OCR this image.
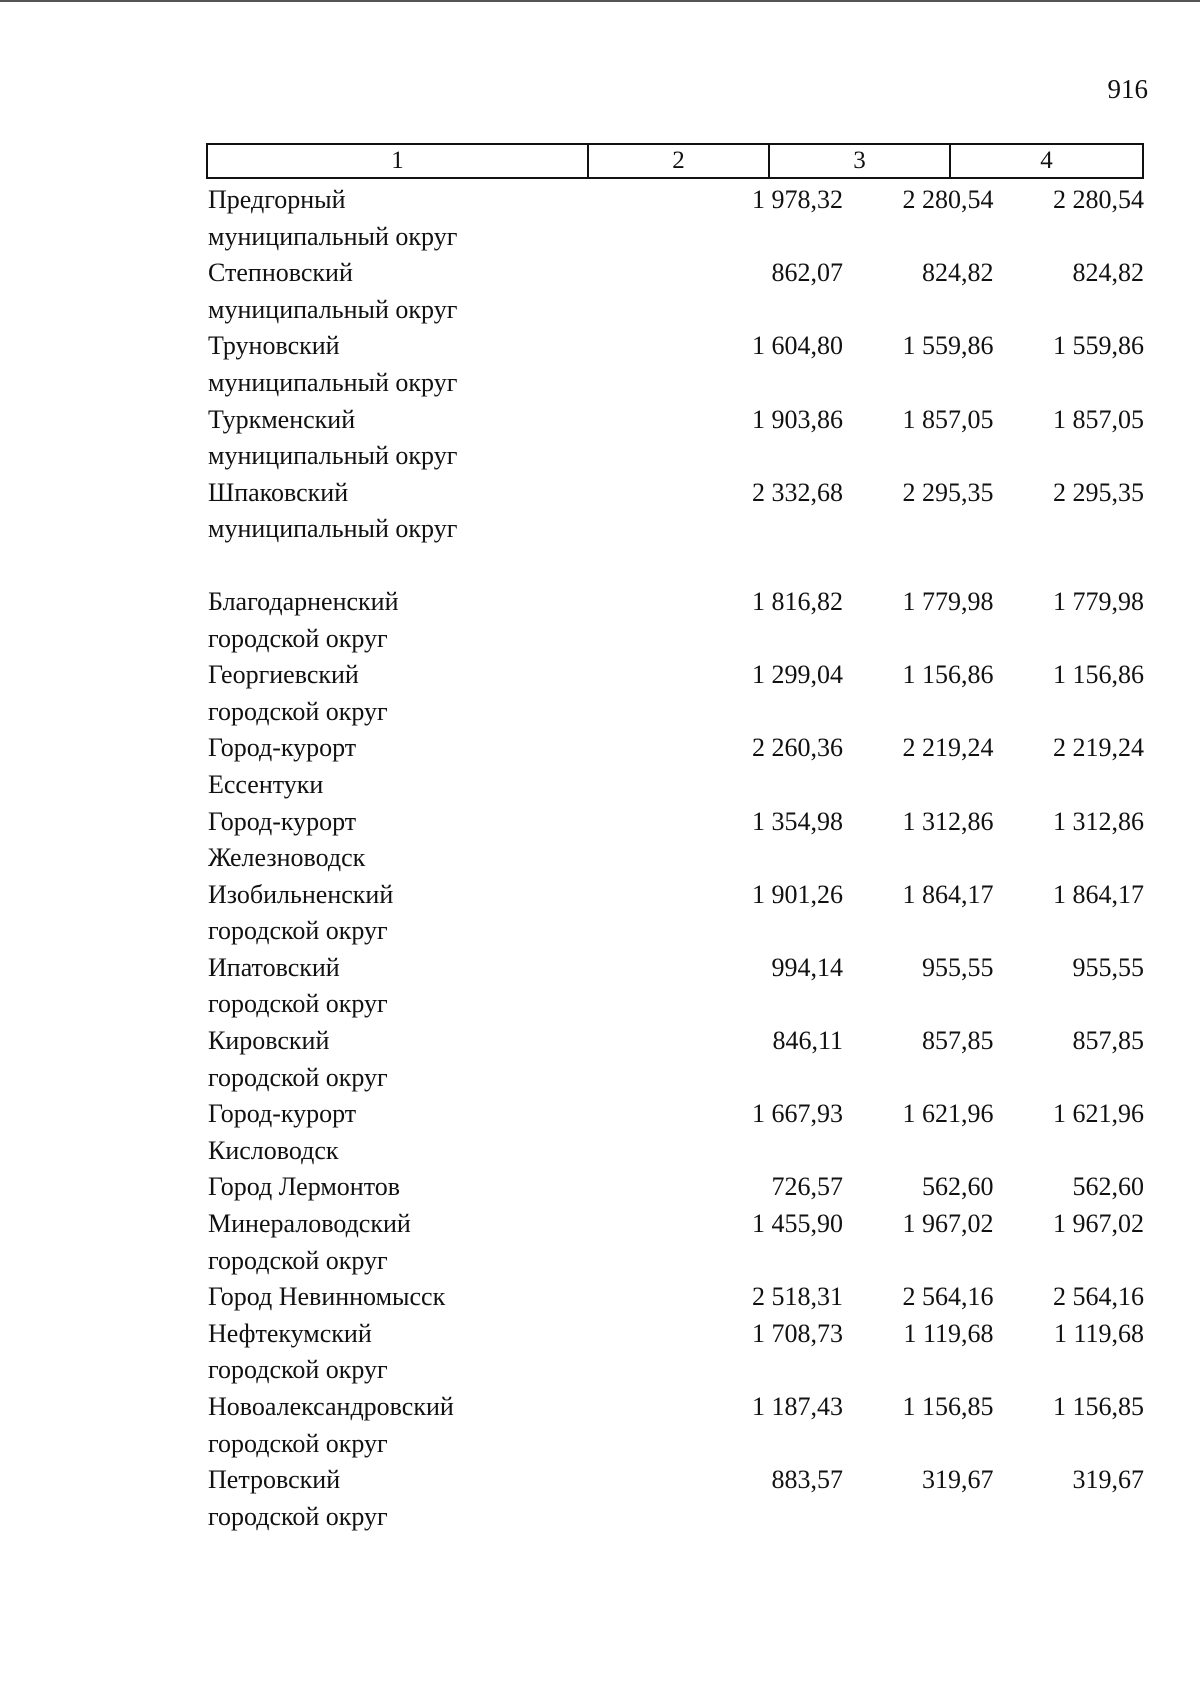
916
1	2	3	4
Предгорный
муниципальный округ
1 978,32	2 280,54	2 280,54
Степновский
муниципальный округ
862,07	824,82	824,82
Труновский
муниципальный округ
1 604,80	1 559,86	1 559,86
Туркменский
муниципальный округ
1 903,86	1 857,05	1 857,05
Шпаковский
муниципальный округ
2 332,68	2 295,35	2 295,35
Благодарненский
городской округ
1 816,82	1 779,98	1 779,98
Георгиевский
городской округ
1 299,04	1 156,86	1 156,86
Город-курорт
Ессентуки
2 260,36	2 219,24	2 219,24
Город-курорт
Железноводск
1 354,98	1 312,86	1 312,86
Изобильненский
городской округ
1 901,26	1 864,17	1 864,17
Ипатовский
городской округ
994,14	955,55	955,55
Кировский
городской округ
846,11	857,85	857,85
Город-курорт
Кисловодск
1 667,93	1 621,96	1 621,96
Город Лермонтов	726,57	562,60	562,60
Минераловодский
городской округ
1 455,90	1 967,02	1 967,02
Город Невинномысск	2 518,31	2 564,16	2 564,16
Нефтекумский
городской округ
1 708,73	1 119,68	1 119,68
Новоалександровский
городской округ
1 187,43	1 156,85	1 156,85
Петровский
городской округ
883,57	319,67	319,67
